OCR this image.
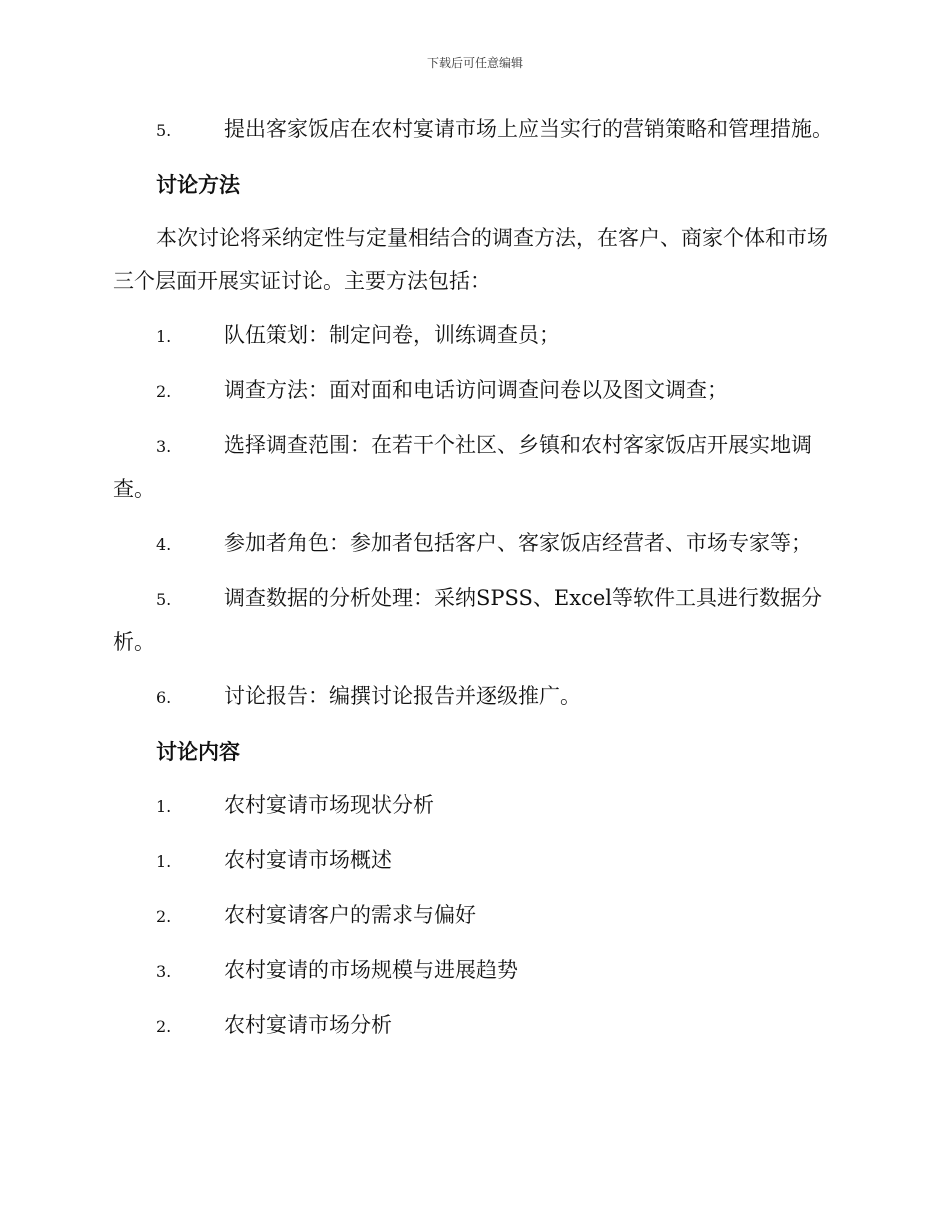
下载后可任意编辑
5.	提出客家饭店在农村宴请市场上应当实行的营销策略和管理措施。
讨论方法
本次讨论将采纳定性与定量相结合的调查方法，在客户、商家个体和市场三个层面开展实证讨论。主要方法包括：
1.	队伍策划：制定问卷，训练调查员；
2.	调查方法：面对面和电话访问调查问卷以及图文调查；
3.	选择调查范围：在若干个社区、乡镇和农村客家饭店开展实地调查。
4.	参加者角色：参加者包括客户、客家饭店经营者、市场专家等；
5.	调查数据的分析处理：采纳SPSS、Excel等软件工具进行数据分析。
6.	讨论报告：编撰讨论报告并逐级推广。
讨论内容
1.	农村宴请市场现状分析
1.	农村宴请市场概述
2.	农村宴请客户的需求与偏好
3.	农村宴请的市场规模与进展趋势
2.	农村宴请市场分析
